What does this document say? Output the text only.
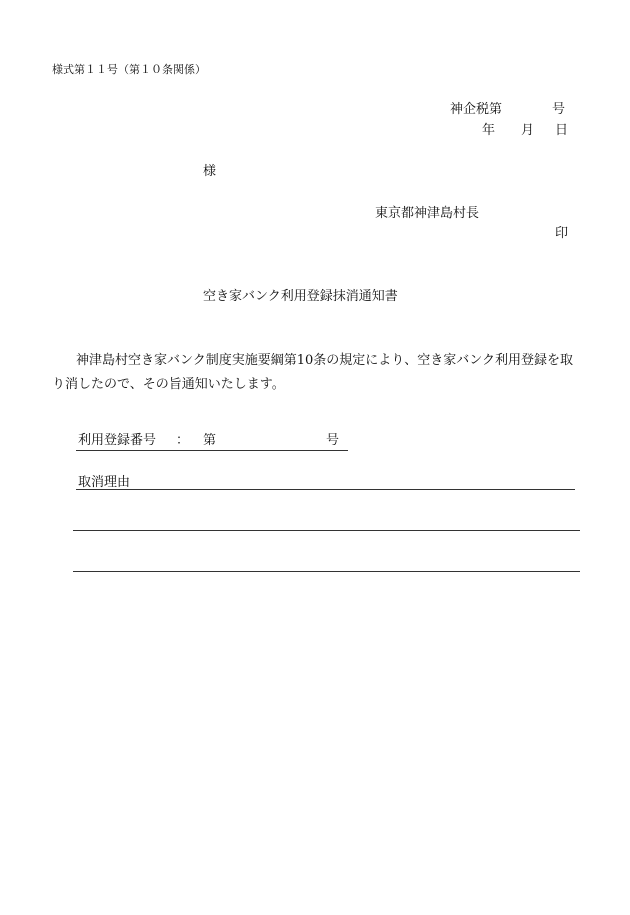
様式第１１号（第１０条関係）
神企税第	号
年 月 日
様
東京都神津島村長
印
空き家バンク利用登録抹消通知書
神津島村空き家バンク制度実施要綱第10条の規定により、空き家バンク利用登録を取り消したので、その旨通知いたします。
利用登録番号 ： 第	号
取消理由
